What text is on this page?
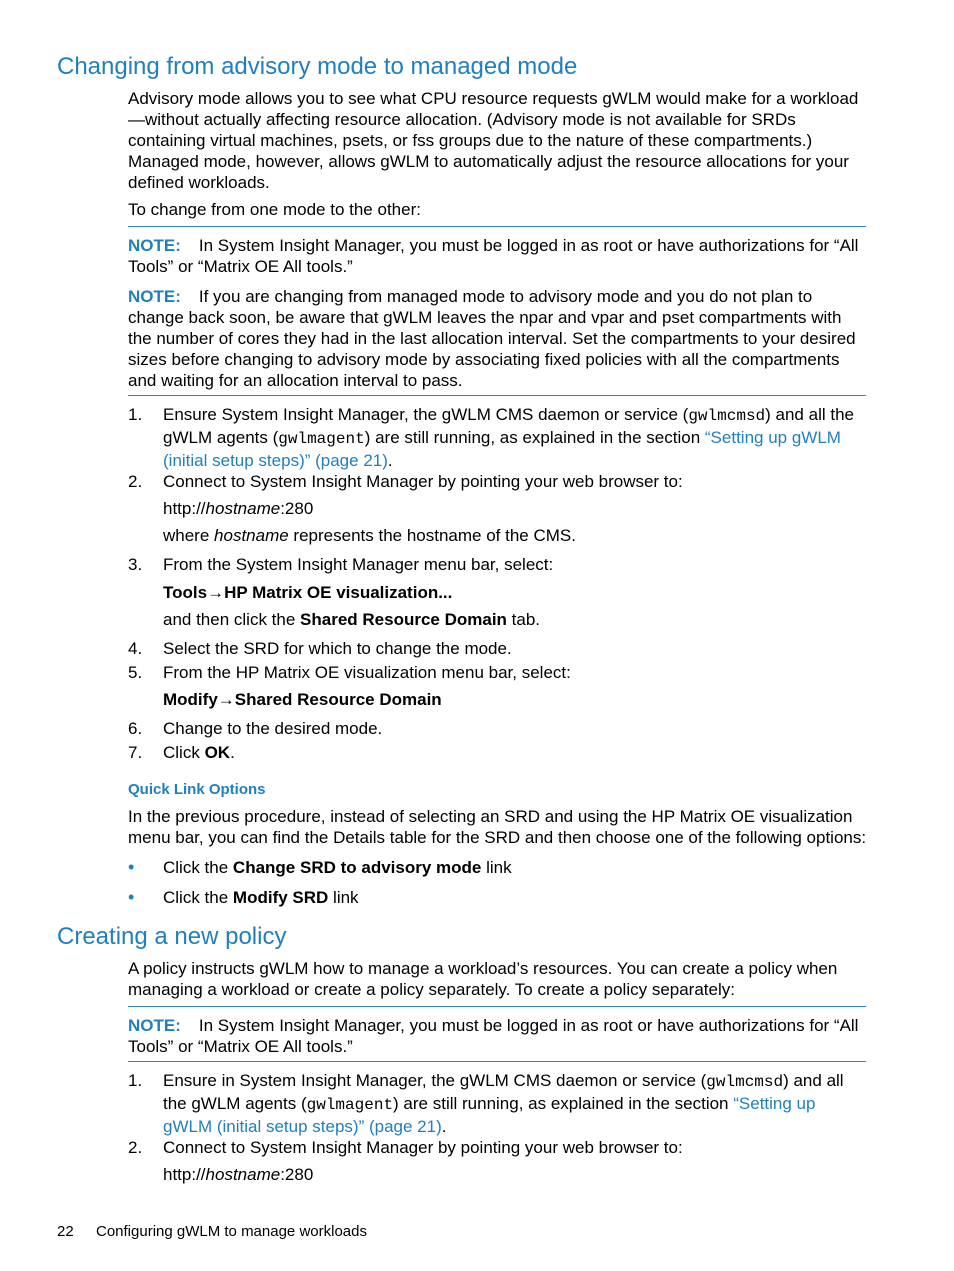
Changing from advisory mode to managed mode

Advisory mode allows you to see what CPU resource requests gWLM would make for a workload—without actually affecting resource allocation. (Advisory mode is not available for SRDs containing virtual machines, psets, or fss groups due to the nature of these compartments.) Managed mode, however, allows gWLM to automatically adjust the resource allocations for your defined workloads.

To change from one mode to the other:

NOTE: In System Insight Manager, you must be logged in as root or have authorizations for “All Tools” or “Matrix OE All tools.”

NOTE: If you are changing from managed mode to advisory mode and you do not plan to change back soon, be aware that gWLM leaves the npar and vpar and pset compartments with the number of cores they had in the last allocation interval. Set the compartments to your desired sizes before changing to advisory mode by associating fixed policies with all the compartments and waiting for an allocation interval to pass.

1.	Ensure System Insight Manager, the gWLM CMS daemon or service (gwlmcmsd) and all the gWLM agents (gwlmagent) are still running, as explained in the section “Setting up gWLM (initial setup steps)” (page 21).

2.	Connect to System Insight Manager by pointing your web browser to:

http://hostname:280

where hostname represents the hostname of the CMS.

3.	From the System Insight Manager menu bar, select:

Tools→HP Matrix OE visualization...

and then click the Shared Resource Domain tab.

4.	Select the SRD for which to change the mode.

5.	From the HP Matrix OE visualization menu bar, select:

Modify→Shared Resource Domain

6.	Change to the desired mode.

7.	Click OK.

Quick Link Options

In the previous procedure, instead of selecting an SRD and using the HP Matrix OE visualization menu bar, you can find the Details table for the SRD and then choose one of the following options:

• Click the Change SRD to advisory mode link

• Click the Modify SRD link

Creating a new policy

A policy instructs gWLM how to manage a workload’s resources. You can create a policy when managing a workload or create a policy separately. To create a policy separately:

NOTE: In System Insight Manager, you must be logged in as root or have authorizations for “All Tools” or “Matrix OE All tools.”

1.	Ensure in System Insight Manager, the gWLM CMS daemon or service (gwlmcmsd) and all the gWLM agents (gwlmagent) are still running, as explained in the section “Setting up gWLM (initial setup steps)” (page 21).

2.	Connect to System Insight Manager by pointing your web browser to:

http://hostname:280

22 Configuring gWLM to manage workloads
